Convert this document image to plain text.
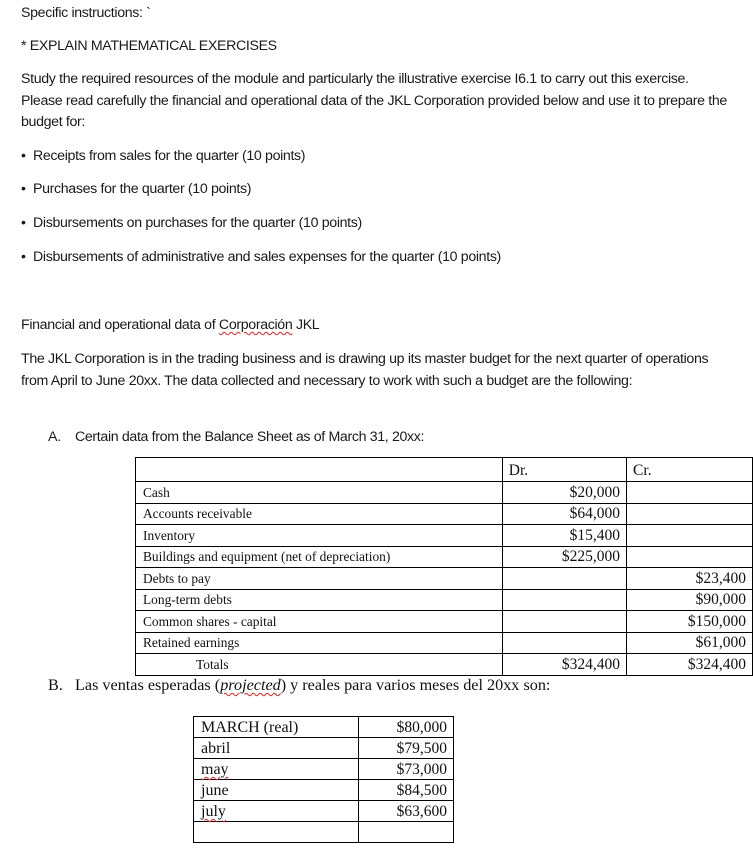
Specific instructions: `
* EXPLAIN MATHEMATICAL EXERCISES
Study the required resources of the module and particularly the illustrative exercise I6.1 to carry out this exercise. Please read carefully the financial and operational data of the JKL Corporation provided below and use it to prepare the budget for:
• Receipts from sales for the quarter (10 points)
• Purchases for the quarter (10 points)
• Disbursements on purchases for the quarter (10 points)
• Disbursements of administrative and sales expenses for the quarter (10 points)
Financial and operational data of Corporación JKL
The JKL Corporation is in the trading business and is drawing up its master budget for the next quarter of operations from April to June 20xx. The data collected and necessary to work with such a budget are the following:
A. Certain data from the Balance Sheet as of March 31, 20xx:
	Dr.	Cr.
Cash	$20,000	
Accounts receivable	$64,000	
Inventory	$15,400	
Buildings and equipment (net of depreciation)	$225,000	
Debts to pay		$23,400
Long-term debts		$90,000
Common shares - capital		$150,000
Retained earnings		$61,000
Totals	$324,400	$324,400
B. Las ventas esperadas (projected) y reales para varios meses del 20xx son:
MARCH (real)	$80,000
abril	$79,500
may	$73,000
june	$84,500
july	$63,600
